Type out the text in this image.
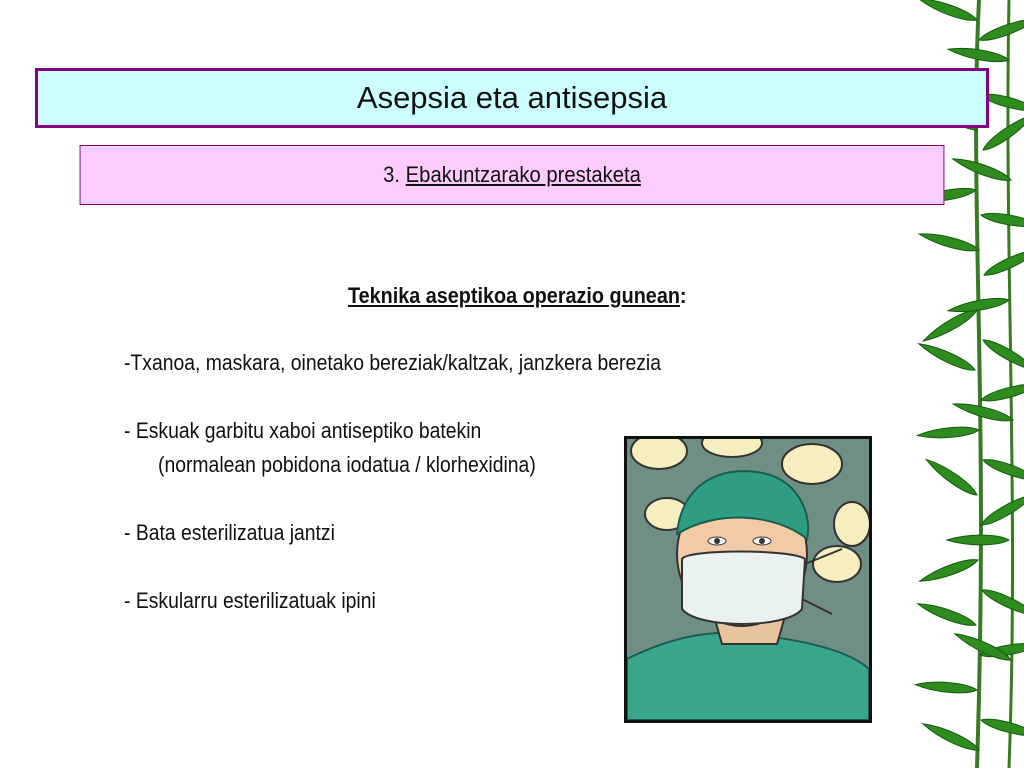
Asepsia eta antisepsia
3.
Ebakuntzarako prestaketa
Teknika aseptikoa operazio gunean:
-Txanoa, maskara, oinetako bereziak/kaltzak, janzkera berezia
- Eskuak garbitu xaboi antiseptiko batekin
(normalean pobidona iodatua / klorhexidina)
- Bata esterilizatua jantzi
- Eskularru esterilizatuak ipini
